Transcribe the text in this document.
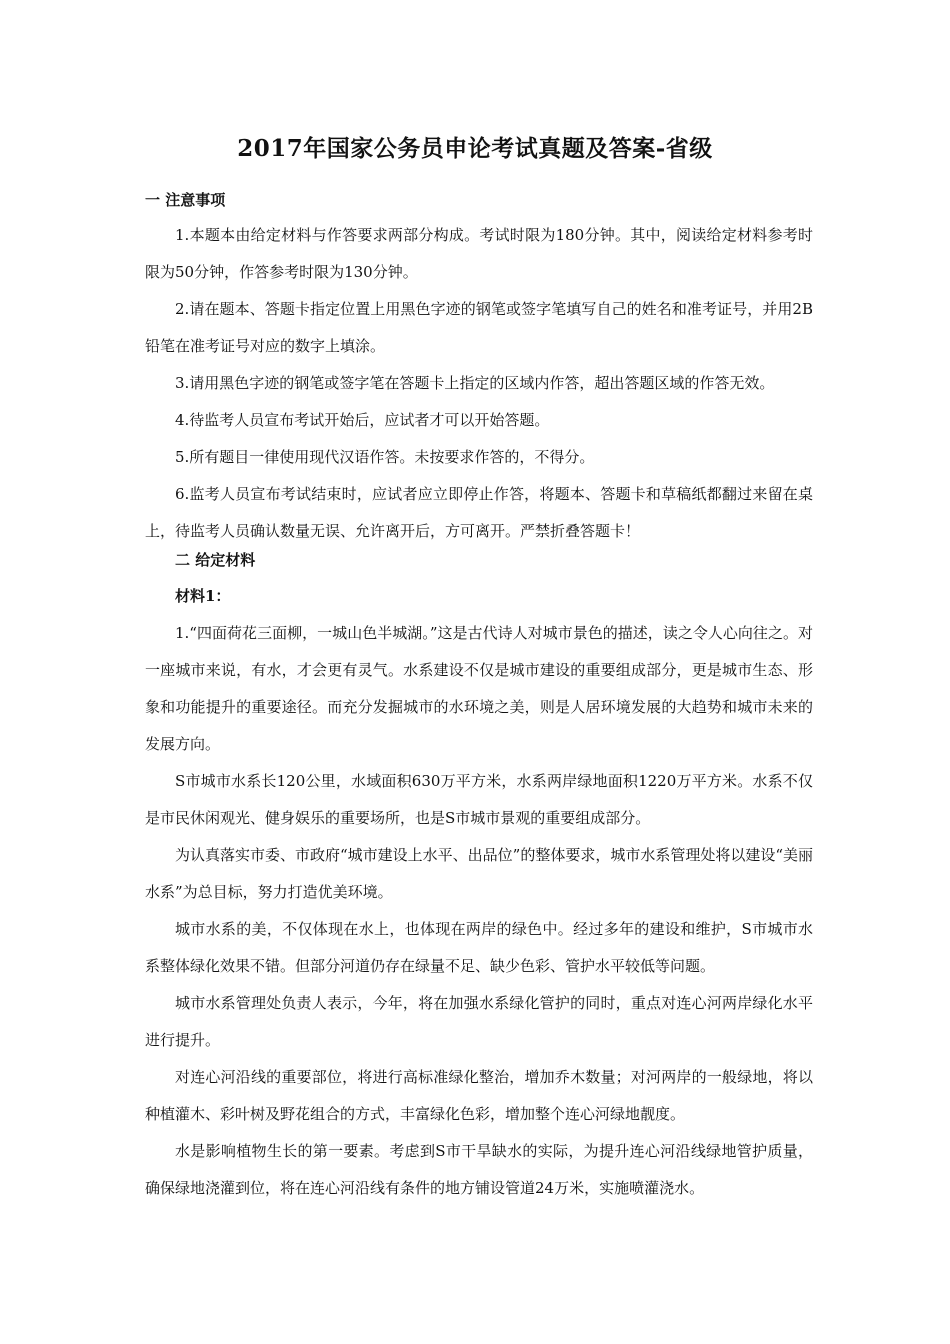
2017年国家公务员申论考试真题及答案-省级
一 注意事项

1.本题本由给定材料与作答要求两部分构成。考试时限为180分钟。其中，阅读给定材料参考时限为50分钟，作答参考时限为130分钟。

2.请在题本、答题卡指定位置上用黑色字迹的钢笔或签字笔填写自己的姓名和准考证号，并用2B铅笔在准考证号对应的数字上填涂。

3.请用黑色字迹的钢笔或签字笔在答题卡上指定的区域内作答，超出答题区域的作答无效。

4.待监考人员宣布考试开始后，应试者才可以开始答题。

5.所有题目一律使用现代汉语作答。未按要求作答的，不得分。

6.监考人员宣布考试结束时，应试者应立即停止作答，将题本、答题卡和草稿纸都翻过来留在桌上，待监考人员确认数量无误、允许离开后，方可离开。严禁折叠答题卡！

二 给定材料
材料1：

1.“四面荷花三面柳，一城山色半城湖。”这是古代诗人对城市景色的描述，读之令人心向往之。对一座城市来说，有水，才会更有灵气。水系建设不仅是城市建设的重要组成部分，更是城市生态、形象和功能提升的重要途径。而充分发掘城市的水环境之美，则是人居环境发展的大趋势和城市未来的发展方向。

S市城市水系长120公里，水域面积630万平方米，水系两岸绿地面积1220万平方米。水系不仅是市民休闲观光、健身娱乐的重要场所，也是S市城市景观的重要组成部分。

为认真落实市委、市政府“城市建设上水平、出品位”的整体要求，城市水系管理处将以建设“美丽水系”为总目标，努力打造优美环境。

城市水系的美，不仅体现在水上，也体现在两岸的绿色中。经过多年的建设和维护，S市城市水系整体绿化效果不错。但部分河道仍存在绿量不足、缺少色彩、管护水平较低等问题。

城市水系管理处负责人表示，今年，将在加强水系绿化管护的同时，重点对连心河两岸绿化水平进行提升。

对连心河沿线的重要部位，将进行高标准绿化整治，增加乔木数量；对河两岸的一般绿地，将以种植灌木、彩叶树及野花组合的方式，丰富绿化色彩，增加整个连心河绿地靓度。

水是影响植物生长的第一要素。考虑到S市干旱缺水的实际，为提升连心河沿线绿地管护质量，确保绿地浇灌到位，将在连心河沿线有条件的地方铺设管道24万米，实施喷灌浇水。
